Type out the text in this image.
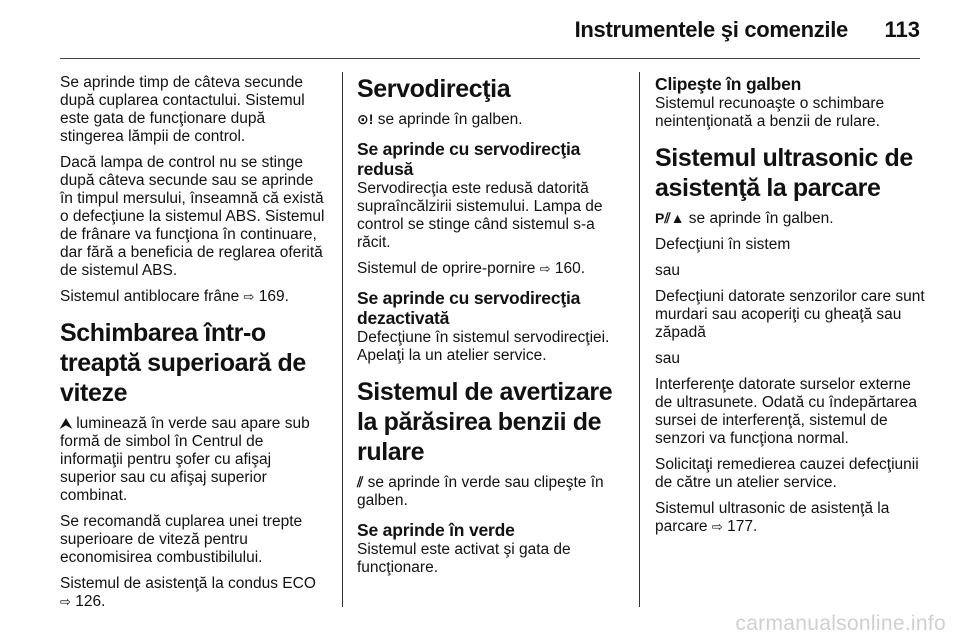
Instrumentele şi comenzile 113

Se aprinde timp de câteva secunde după cuplarea contactului. Sistemul este gata de funcţionare după stingerea lămpii de control.

Dacă lampa de control nu se stinge după câteva secunde sau se aprinde în timpul mersului, înseamnă că există o defecţiune la sistemul ABS. Sistemul de frânare va funcţiona în continuare, dar fără a beneficia de reglarea oferită de sistemul ABS.

Sistemul antiblocare frâne ⇨ 169.

Schimbarea într-o treaptă superioară de viteze

⮝ luminează în verde sau apare sub formă de simbol în Centrul de informaţii pentru şofer cu afişaj superior sau cu afişaj superior combinat.

Se recomandă cuplarea unei trepte superioare de viteză pentru economisirea combustibilului.

Sistemul de asistenţă la condus ECO ⇨ 126.

Servodirecţia

⊙! se aprinde în galben.

Se aprinde cu servodirecţia redusă

Servodirecţia este redusă datorită supraîncălzirii sistemului. Lampa de control se stinge când sistemul s-a răcit.

Sistemul de oprire-pornire ⇨ 160.

Se aprinde cu servodirecţia dezactivată

Defecţiune în sistemul servodirecţiei. Apelaţi la un atelier service.

Sistemul de avertizare la părăsirea benzii de rulare

⫽ se aprinde în verde sau clipeşte în galben.

Se aprinde în verde

Sistemul este activat şi gata de funcţionare.

Clipeşte în galben

Sistemul recunoaşte o schimbare neintenţionată a benzii de rulare.

Sistemul ultrasonic de asistenţă la parcare

P⫽▲ se aprinde în galben.

Defecţiuni în sistem

sau

Defecţiuni datorate senzorilor care sunt murdari sau acoperiţi cu gheaţă sau zăpadă

sau

Interferenţe datorate surselor externe de ultrasunete. Odată cu îndepărtarea sursei de interferenţă, sistemul de senzori va funcţiona normal.

Solicitaţi remedierea cauzei defecţiunii de către un atelier service.

Sistemul ultrasonic de asistenţă la parcare ⇨ 177.

carmanualsonline.info
